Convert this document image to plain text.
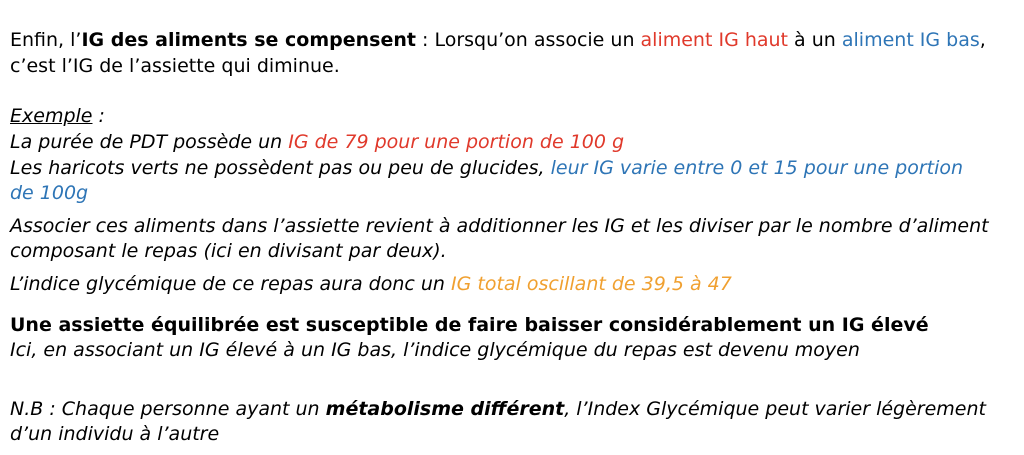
Enfin, l’IG des aliments se compensent : Lorsqu’on associe un aliment IG haut à un aliment IG bas,
c’est l’IG de l’assiette qui diminue.
Exemple :
La purée de PDT possède un IG de 79 pour une portion de 100 g
Les haricots verts ne possèdent pas ou peu de glucides, leur IG varie entre 0 et 15 pour une portion
de 100g
Associer ces aliments dans l’assiette revient à additionner les IG et les diviser par le nombre d’aliment
composant le repas (ici en divisant par deux).
L’indice glycémique de ce repas aura donc un IG total oscillant de 39,5 à 47
Une assiette équilibrée est susceptible de faire baisser considérablement un IG élevé
Ici, en associant un IG élevé à un IG bas, l’indice glycémique du repas est devenu moyen
N.B : Chaque personne ayant un métabolisme différent, l’Index Glycémique peut varier légèrement
d’un individu à l’autre
